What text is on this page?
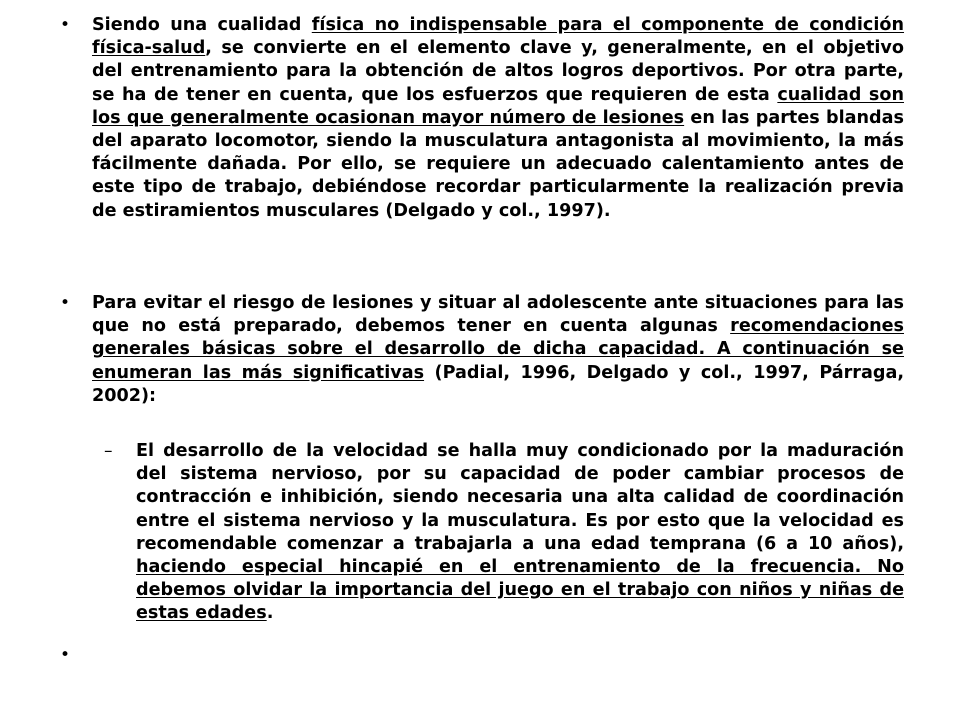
• Siendo una cualidad física no indispensable para el componente de condición física-salud, se convierte en el elemento clave y, generalmente, en el objetivo del entrenamiento para la obtención de altos logros deportivos. Por otra parte, se ha de tener en cuenta, que los esfuerzos que requieren de esta cualidad son los que generalmente ocasionan mayor número de lesiones en las partes blandas del aparato locomotor, siendo la musculatura antagonista al movimiento, la más fácilmente dañada. Por ello, se requiere un adecuado calentamiento antes de este tipo de trabajo, debiéndose recordar particularmente la realización previa de estiramientos musculares (Delgado y col., 1997).
• Para evitar el riesgo de lesiones y situar al adolescente ante situaciones para las que no está preparado, debemos tener en cuenta algunas recomendaciones generales básicas sobre el desarrollo de dicha capacidad. A continuación se enumeran las más significativas (Padial, 1996, Delgado y col., 1997, Párraga, 2002):
– El desarrollo de la velocidad se halla muy condicionado por la maduración del sistema nervioso, por su capacidad de poder cambiar procesos de contracción e inhibición, siendo necesaria una alta calidad de coordinación entre el sistema nervioso y la musculatura. Es por esto que la velocidad es recomendable comenzar a trabajarla a una edad temprana (6 a 10 años), haciendo especial hincapié en el entrenamiento de la frecuencia. No debemos olvidar la importancia del juego en el trabajo con niños y niñas de estas edades.
•
